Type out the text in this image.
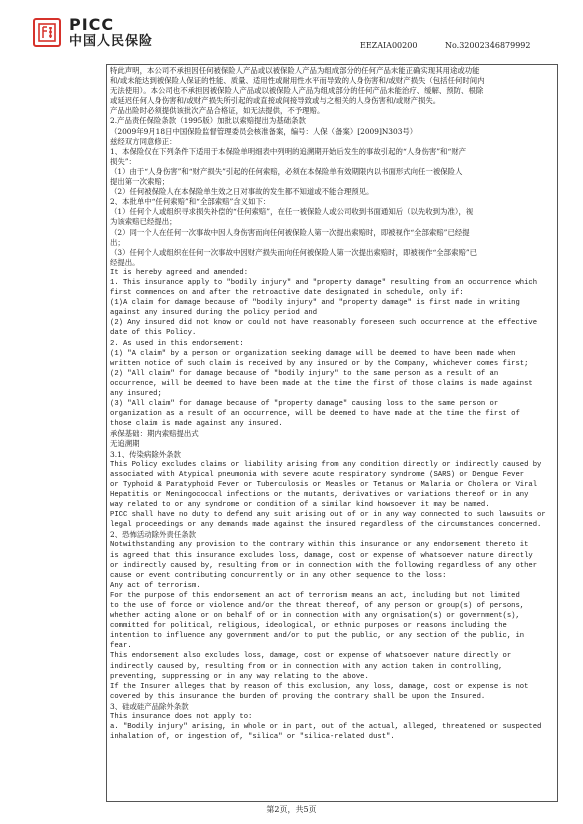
PICC
中国人民保险	EEZAIA00200	No.32002346879992

特此声明，本公司不承担因任何被保险人产品或以被保险人产品为组成部分的任何产品未能正确实现其用途或功能

和/或未能达到被保险人保证的性能、质量、适用性或耐用性水平而导致的人身伤害和/或财产损失（包括任何时间内

无法使用）。本公司也不承担因被保险人产品或以被保险人产品为组成部分的任何产品未能治疗、缓解、预防、根除

或延迟任何人身伤害和/或财产损失所引起的或直接或间接导致或与之相关的人身伤害和/或财产损失。

产品出险时必须提供该批次产品合格证，如无法提供，不予理赔。

2.产品责任保险条款（1995版）加批以索赔提出为基础条款

（2009年9月18日中国保险监督管理委员会核准备案，编号：人保（备案）[2009]N303号）

兹经双方同意修正：

1、本保险仅在下列条件下适用于本保险单明细表中列明的追溯期开始后发生的事故引起的“人身伤害”和“财产

损失”：

（1）由于“人身伤害”和“财产损失”引起的任何索赔，必须在本保险单有效期限内以书面形式向任一被保险人

提出第一次索赔；

（2）任何被保险人在本保险单生效之日对事故的发生都不知道或不能合理预见。

2、本批单中“任何索赔”和“全部索赔”含义如下：

（1）任何个人或组织寻求损失补偿的“任何索赔”，在任一被保险人或公司收到书面通知后（以先收到为准），视

为该索赔已经提出；

（2）同一个人在任何一次事故中因人身伤害而向任何被保险人第一次提出索赔时，即被视作“全部索赔”已经提

出；

（3）任何个人或组织在任何一次事故中因财产损失而向任何被保险人第一次提出索赔时，即被视作“全部索赔”已

经提出。

It is hereby agreed and amended:

1. This insurance apply to "bodily injury" and "property damage" resulting from an occurrence which

first commences on and after the retroactive date designated in schedule, only if:

(1)A claim for damage because of "bodily injury" and "property damage" is first made in writing

against any insured during the policy period and

(2) Any insured did not know or could not have reasonably foreseen such occurrence at the effective

date of this Policy.

2. As used in this endorsement:

(1) "A claim" by a person or organization seeking damage will be deemed to have been made when

written notice of such claim is received by any insured or by the Company, whichever comes first;

(2) "All claim" for damage because of "bodily injury" to the same person as a result of an

occurrence, will be deemed to have been made at the time the first of those claims is made against

any insured;

(3) "All claim" for damage because of "property damage" causing loss to the same person or

organization as a result of an occurrence, will be deemed to have made at the time the first of

those claim is made against any insured.

承保基础：期内索赔提出式

无追溯期

3.1、传染病除外条款

This Policy excludes claims or liability arising from any condition directly or indirectly caused by

associated with Atypical pneumonia with severe acute respiratory syndrome (SARS) or Dengue Fever

or Typhoid & Paratyphoid Fever or Tuberculosis or Measles or Tetanus or Malaria or Cholera or Viral

Hepatitis or Meningococcal infections or the mutants, derivatives or variations thereof or in any

way related to or any syndrome or condition of a similar kind howsoever it may be named.

PICC shall have no duty to defend any suit arising out of or in any way connected to such lawsuits or

legal proceedings or any demands made against the insured regardless of the circumstances concerned.

2、恐怖活动除外责任条款

Notwithstanding any provision to the contrary within this insurance or any endorsement thereto it

is agreed that this insurance excludes loss, damage, cost or expense of whatsoever nature directly

or indirectly caused by, resulting from or in connection with the following regardless of any other

cause or event contributing concurrently or in any other sequence to the loss:

Any act of terrorism.

For the purpose of this endorsement an act of terrorism means an act, including but not limited

to the use of force or violence and/or the threat thereof, of any person or group(s) of persons,

whether acting alone or on behalf of or in connection with any orgnisation(s) or government(s),

committed for political, religious, ideological, or ethnic purposes or reasons including the

intention to influence any government and/or to put the public, or any section of the public, in

fear.

This endorsement also excludes loss, damage, cost or expense of whatsoever nature directly or

indirectly caused by, resulting from or in connection with any action taken in controlling,

preventing, suppressing or in any way relating to the above.

If the Insurer alleges that by reason of this exclusion, any loss, damage, cost or expense is not

covered by this insurance the burden of proving the contrary shall be upon the Insured.

3、硅或硅产品除外条款

This insurance does not apply to:

a. "Bodily injury" arising, in whole or in part, out of the actual, alleged, threatened or suspected

inhalation of, or ingestion of, "silica" or "silica-related dust".

第2页，共5页
